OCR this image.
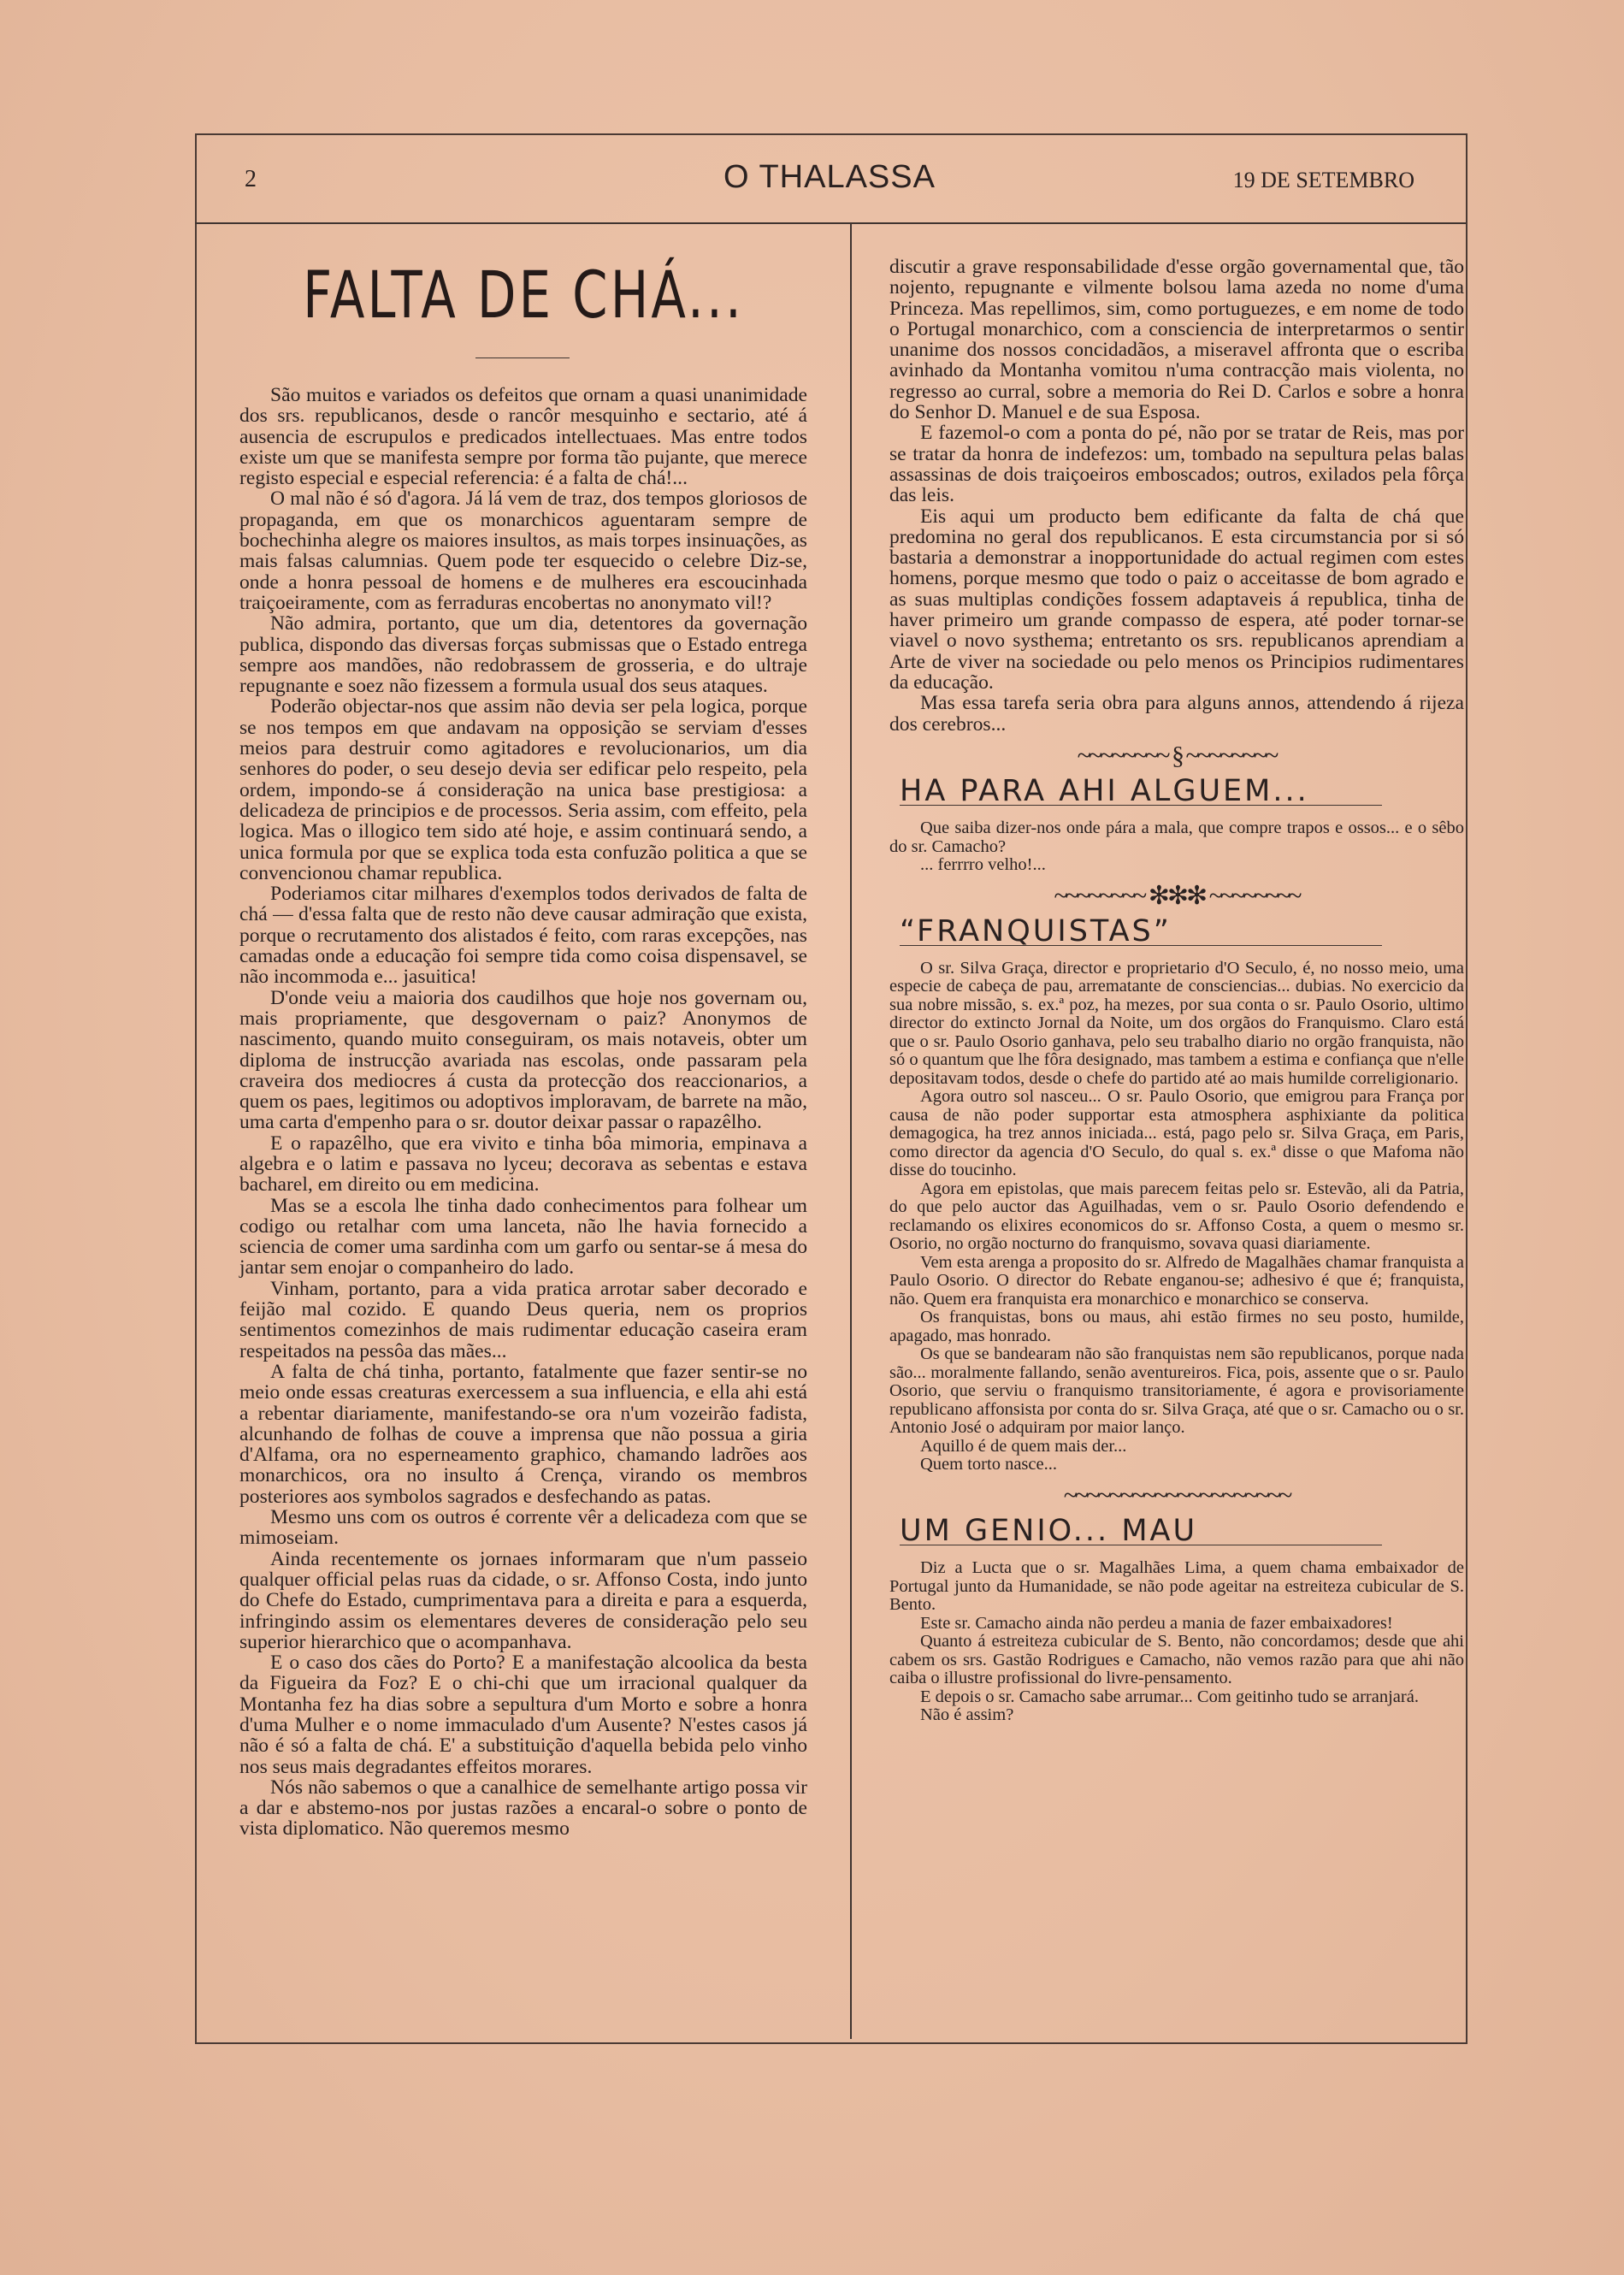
2	O THALASSA	19 DE SETEMBRO
FALTA DE CHÁ...

São muitos e variados os defeitos que ornam a quasi unanimidade dos srs. republicanos, desde o rancôr mesquinho e sectario, até á ausencia de escrupulos e predicados intellectuaes. Mas entre todos existe um que se manifesta sempre por forma tão pujante, que merece registo especial e especial referencia: é a falta de chá!...

O mal não é só d'agora. Já lá vem de traz, dos tempos gloriosos de propaganda, em que os monarchicos aguentaram sempre de bochechinha alegre os maiores insultos, as mais torpes insinuações, as mais falsas calumnias. Quem pode ter esquecido o celebre Diz-se, onde a honra pessoal de homens e de mulheres era escoucinhada traiçoeiramente, com as ferraduras encobertas no anonymato vil!?

Não admira, portanto, que um dia, detentores da governação publica, dispondo das diversas forças submissas que o Estado entrega sempre aos mandões, não redobrassem de grosseria, e do ultraje repugnante e soez não fizessem a formula usual dos seus ataques.

Poderão objectar-nos que assim não devia ser pela logica, porque se nos tempos em que andavam na opposição se serviam d'esses meios para destruir como agitadores e revolucionarios, um dia senhores do poder, o seu desejo devia ser edificar pelo respeito, pela ordem, impondo-se á consideração na unica base prestigiosa: a delicadeza de principios e de processos. Seria assim, com effeito, pela logica. Mas o illogico tem sido até hoje, e assim continuará sendo, a unica formula por que se explica toda esta confuzão politica a que se convencionou chamar republica.

Poderiamos citar milhares d'exemplos todos derivados de falta de chá — d'essa falta que de resto não deve causar admiração que exista, porque o recrutamento dos alistados é feito, com raras excepções, nas camadas onde a educação foi sempre tida como coisa dispensavel, se não incommoda e... jasuitica!

D'onde veiu a maioria dos caudilhos que hoje nos governam ou, mais propriamente, que desgovernam o paiz? Anonymos de nascimento, quando muito conseguiram, os mais notaveis, obter um diploma de instrucção avariada nas escolas, onde passaram pela craveira dos mediocres á custa da protecção dos reaccionarios, a quem os paes, legitimos ou adoptivos imploravam, de barrete na mão, uma carta d'empenho para o sr. doutor deixar passar o rapazêlho.

E o rapazêlho, que era vivito e tinha bôa mimoria, empinava a algebra e o latim e passava no lyceu; decorava as sebentas e estava bacharel, em direito ou em medicina.

Mas se a escola lhe tinha dado conhecimentos para folhear um codigo ou retalhar com uma lanceta, não lhe havia fornecido a sciencia de comer uma sardinha com um garfo ou sentar-se á mesa do jantar sem enojar o companheiro do lado.

Vinham, portanto, para a vida pratica arrotar saber decorado e feijão mal cozido. E quando Deus queria, nem os proprios sentimentos comezinhos de mais rudimentar educação caseira eram respeitados na pessôa das mães...

A falta de chá tinha, portanto, fatalmente que fazer sentir-se no meio onde essas creaturas exercessem a sua influencia, e ella ahi está a rebentar diariamente, manifestando-se ora n'um vozeirão fadista, alcunhando de folhas de couve a imprensa que não possua a giria d'Alfama, ora no esperneamento graphico, chamando ladrões aos monarchicos, ora no insulto á Crença, virando os membros posteriores aos symbolos sagrados e desfechando as patas.

Mesmo uns com os outros é corrente vêr a delicadeza com que se mimoseiam.

Ainda recentemente os jornaes informaram que n'um passeio qualquer official pelas ruas da cidade, o sr. Affonso Costa, indo junto do Chefe do Estado, cumprimentava para a direita e para a esquerda, infringindo assim os elementares deveres de consideração pelo seu superior hierarchico que o acompanhava.

E o caso dos cães do Porto? E a manifestação alcoolica da besta da Figueira da Foz? E o chi-chi que um irracional qualquer da Montanha fez ha dias sobre a sepultura d'um Morto e sobre a honra d'uma Mulher e o nome immaculado d'um Ausente? N'estes casos já não é só a falta de chá. E' a substituição d'aquella bebida pelo vinho nos seus mais degradantes effeitos morares.

Nós não sabemos o que a canalhice de semelhante artigo possa vir a dar e abstemo-nos por justas razões a encaral-o sobre o ponto de vista diplomatico. Não queremos mesmo

discutir a grave responsabilidade d'esse orgão governamental que, tão nojento, repugnante e vilmente bolsou lama azeda no nome d'uma Princeza. Mas repellimos, sim, como portuguezes, e em nome de todo o Portugal monarchico, com a consciencia de interpretarmos o sentir unanime dos nossos concidadãos, a miseravel affronta que o escriba avinhado da Montanha vomitou n'uma contracção mais violenta, no regresso ao curral, sobre a memoria do Rei D. Carlos e sobre a honra do Senhor D. Manuel e de sua Esposa.

E fazemol-o com a ponta do pé, não por se tratar de Reis, mas por se tratar da honra de indefezos: um, tombado na sepultura pelas balas assassinas de dois traiçoeiros emboscados; outros, exilados pela fôrça das leis.

Eis aqui um producto bem edificante da falta de chá que predomina no geral dos republicanos. E esta circumstancia por si só bastaria a demonstrar a inopportunidade do actual regimen com estes homens, porque mesmo que todo o paiz o acceitasse de bom agrado e as suas multiplas condições fossem adaptaveis á republica, tinha de haver primeiro um grande compasso de espera, até poder tornar-se viavel o novo systhema; entretanto os srs. republicanos aprendiam a Arte de viver na sociedade ou pelo menos os Principios rudimentares da educação.

Mas essa tarefa seria obra para alguns annos, attendendo á rijeza dos cerebros...

~~~~~~~~ § ~~~~~~~~
HA PARA AHI ALGUEM...

Que saiba dizer-nos onde pára a mala, que compre trapos e ossos... e o sêbo do sr. Camacho?

... ferrrro velho!...

~~~~~~~~ ✻✻✻ ~~~~~~~~
“FRANQUISTAS”

O sr. Silva Graça, director e proprietario d'O Seculo, é, no nosso meio, uma especie de cabeça de pau, arrematante de consciencias... dubias. No exercicio da sua nobre missão, s. ex.ª poz, ha mezes, por sua conta o sr. Paulo Osorio, ultimo director do extincto Jornal da Noite, um dos orgãos do Franquismo. Claro está que o sr. Paulo Osorio ganhava, pelo seu trabalho diario no orgão franquista, não só o quantum que lhe fôra designado, mas tambem a estima e confiança que n'elle depositavam todos, desde o chefe do partido até ao mais humilde correligionario.

Agora outro sol nasceu... O sr. Paulo Osorio, que emigrou para França por causa de não poder supportar esta atmosphera asphixiante da politica demagogica, ha trez annos iniciada... está, pago pelo sr. Silva Graça, em Paris, como director da agencia d'O Seculo, do qual s. ex.ª disse o que Mafoma não disse do toucinho.

Agora em epistolas, que mais parecem feitas pelo sr. Estevão, ali da Patria, do que pelo auctor das Aguilhadas, vem o sr. Paulo Osorio defendendo e reclamando os elixires economicos do sr. Affonso Costa, a quem o mesmo sr. Osorio, no orgão nocturno do franquismo, sovava quasi diariamente.

Vem esta arenga a proposito do sr. Alfredo de Magalhães chamar franquista a Paulo Osorio. O director do Rebate enganou-se; adhesivo é que é; franquista, não. Quem era franquista era monarchico e monarchico se conserva.

Os franquistas, bons ou maus, ahi estão firmes no seu posto, humilde, apagado, mas honrado.

Os que se bandearam não são franquistas nem são republicanos, porque nada são... moralmente fallando, senão aventureiros. Fica, pois, assente que o sr. Paulo Osorio, que serviu o franquismo transitoriamente, é agora e provisoriamente republicano affonsista por conta do sr. Silva Graça, até que o sr. Camacho ou o sr. Antonio José o adquiram por maior lanço.

Aquillo é de quem mais der...

Quem torto nasce...

~~~~~~~~~~~~~~~~~~~~
UM GENIO... MAU

Diz a Lucta que o sr. Magalhães Lima, a quem chama embaixador de Portugal junto da Humanidade, se não pode ageitar na estreiteza cubicular de S. Bento.

Este sr. Camacho ainda não perdeu a mania de fazer embaixadores!

Quanto á estreiteza cubicular de S. Bento, não concordamos; desde que ahi cabem os srs. Gastão Rodrigues e Camacho, não vemos razão para que ahi não caiba o illustre profissional do livre-pensamento.

E depois o sr. Camacho sabe arrumar... Com geitinho tudo se arranjará.

Não é assim?
